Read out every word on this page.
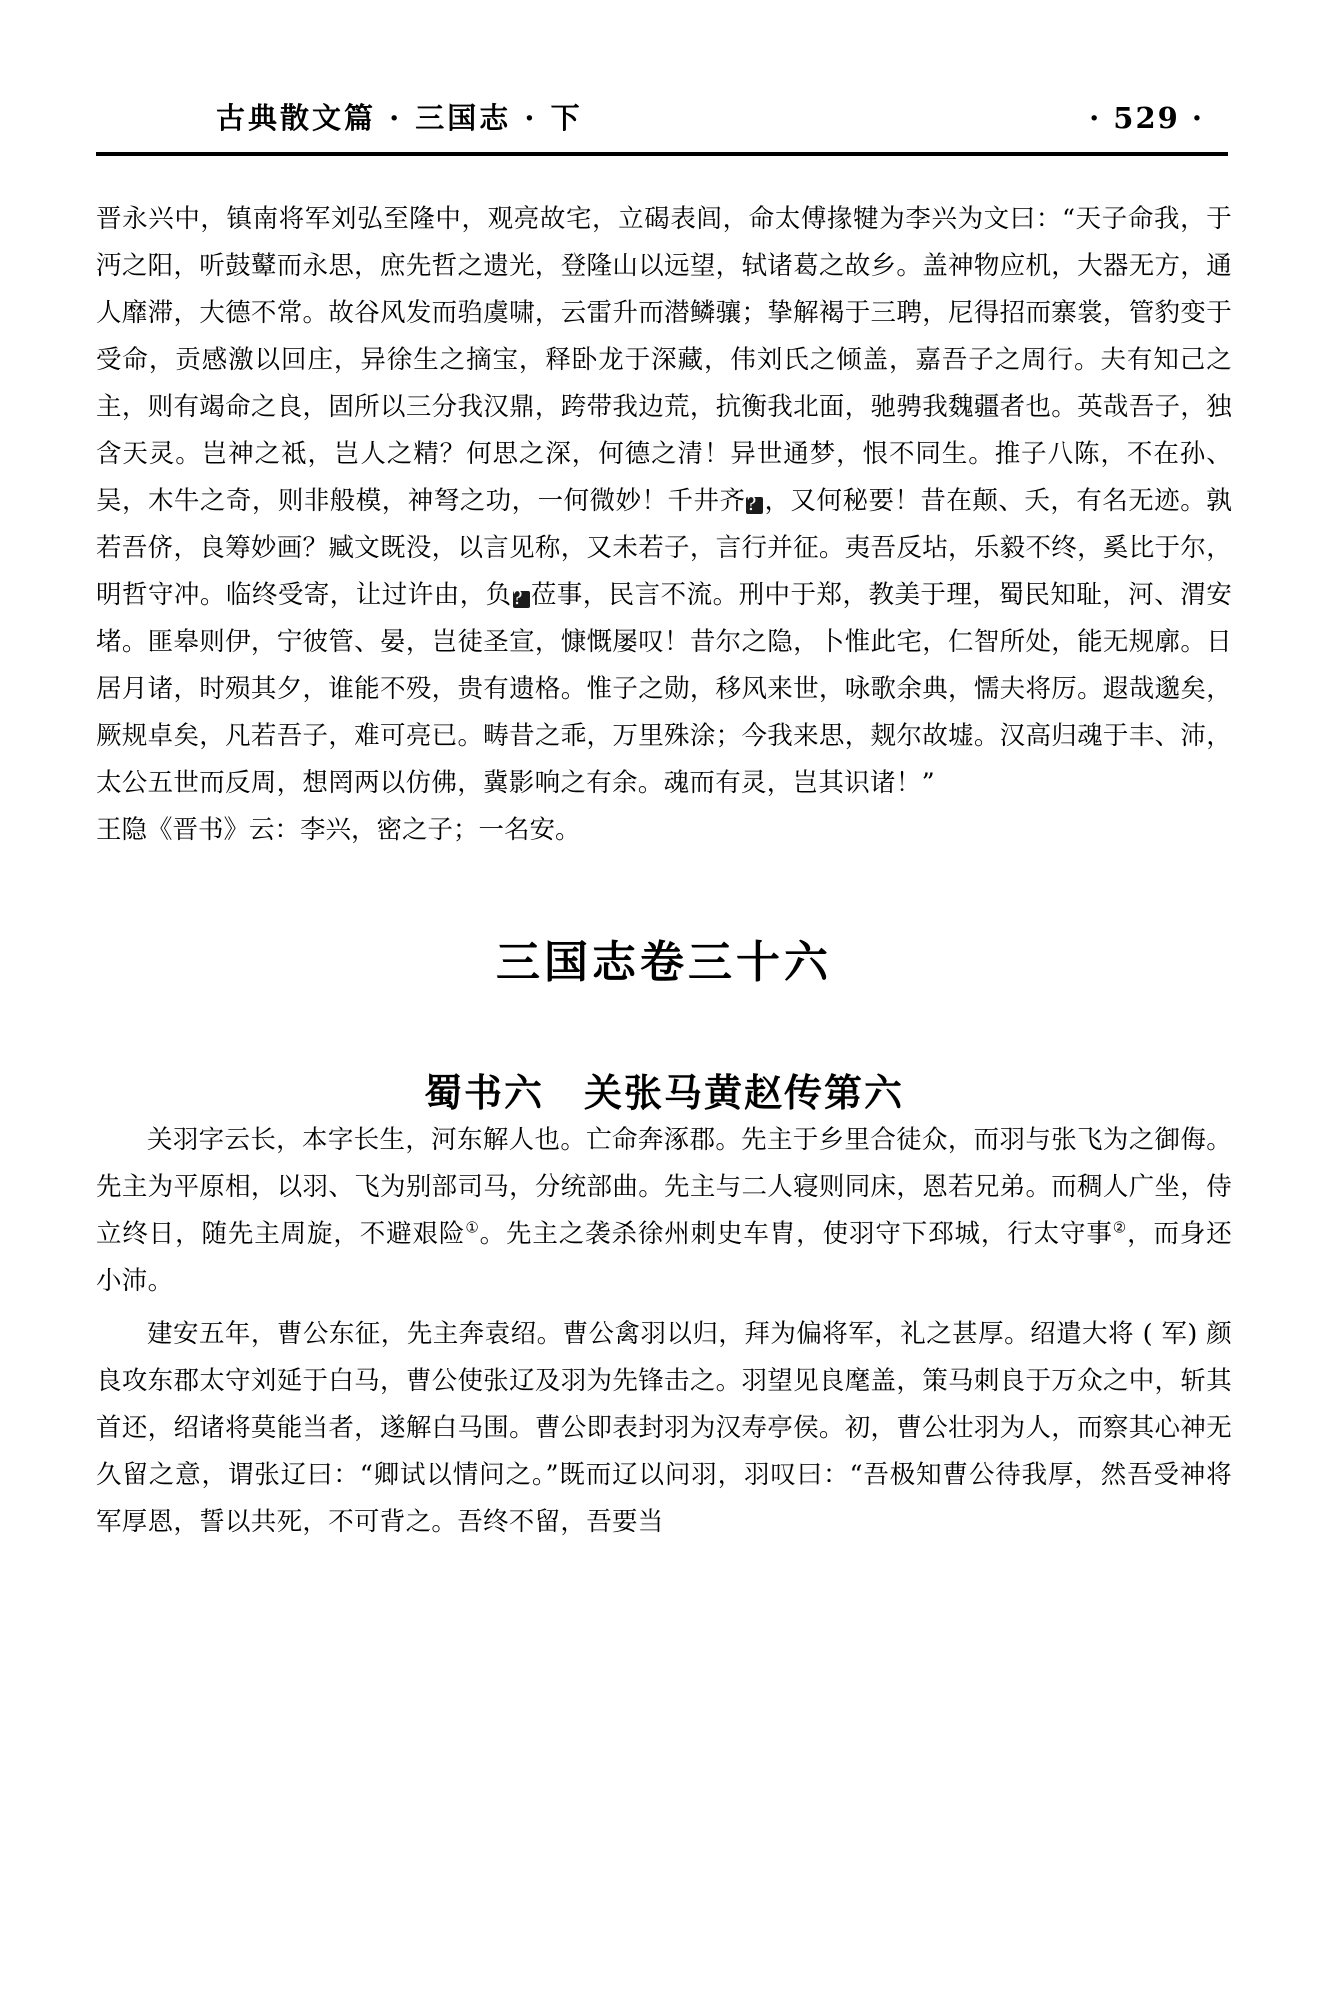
古典散文篇 · 三国志 · 下	· 529 ·

晋永兴中，镇南将军刘弘至隆中，观亮故宅，立碣表闾，命太傅掾犍为李兴为文曰：“天子命我，于沔之阳，听鼓鼙而永思，庶先哲之遗光，登隆山以远望，轼诸葛之故乡。盖神物应机，大器无方，通人靡滞，大德不常。故谷风发而驺虞啸，云雷升而潜鳞骧；挚解褐于三聘，尼得招而寨裳，管豹变于受命，贡感激以回庄，异徐生之摘宝，释卧龙于深藏，伟刘氏之倾盖，嘉吾子之周行。夫有知己之主，则有竭命之良，固所以三分我汉鼎，跨带我边荒，抗衡我北面，驰骋我魏疆者也。英哉吾子，独含天灵。岂神之祗，岂人之精？何思之深，何德之清！异世通梦，恨不同生。推子八陈，不在孙、吴，木牛之奇，则非般模，神弩之功，一何微妙！千井齐? ，又何秘要！昔在颠、夭，有名无迹。孰若吾侪，良筹妙画？臧文既没，以言见称，又未若子，言行并征。夷吾反坫，乐毅不终，奚比于尔，明哲守冲。临终受寄，让过许由，负? 莅事，民言不流。刑中于郑，教美于理，蜀民知耻，河、渭安堵。匪皋则伊，宁彼管、晏，岂徒圣宣，慷慨屡叹！昔尔之隐，卜惟此宅，仁智所处，能无规廓。日居月诸，时殒其夕，谁能不殁，贵有遗格。惟子之勋，移风来世，咏歌余典，懦夫将厉。遐哉邈矣，厥规卓矣，凡若吾子，难可亮已。畴昔之乖，万里殊涂；今我来思，觌尔故墟。汉高归魂于丰、沛，太公五世而反周，想罔两以仿佛，冀影响之有余。魂而有灵，岂其识诸！”

王隐《晋书》云：李兴，密之子；一名安。

三国志卷三十六
蜀书六 关张马黄赵传第六

关羽字云长，本字长生，河东解人也。亡命奔涿郡。先主于乡里合徒众，而羽与张飞为之御侮。先主为平原相，以羽、飞为别部司马，分统部曲。先主与二人寝则同床，恩若兄弟。而稠人广坐，侍立终日，随先主周旋，不避艰险①。先主之袭杀徐州刺史车胄，使羽守下邳城，行太守事②，而身还小沛。

建安五年，曹公东征，先主奔袁绍。曹公禽羽以归，拜为偏将军，礼之甚厚。绍遣大将 ( 军) 颜良攻东郡太守刘延于白马，曹公使张辽及羽为先锋击之。羽望见良麾盖，策马刺良于万众之中，斩其首还，绍诸将莫能当者，遂解白马围。曹公即表封羽为汉寿亭侯。初，曹公壮羽为人，而察其心神无久留之意，谓张辽曰：“卿试以情问之。”既而辽以问羽，羽叹曰：“吾极知曹公待我厚，然吾受神将军厚恩，誓以共死，不可背之。吾终不留，吾要当
